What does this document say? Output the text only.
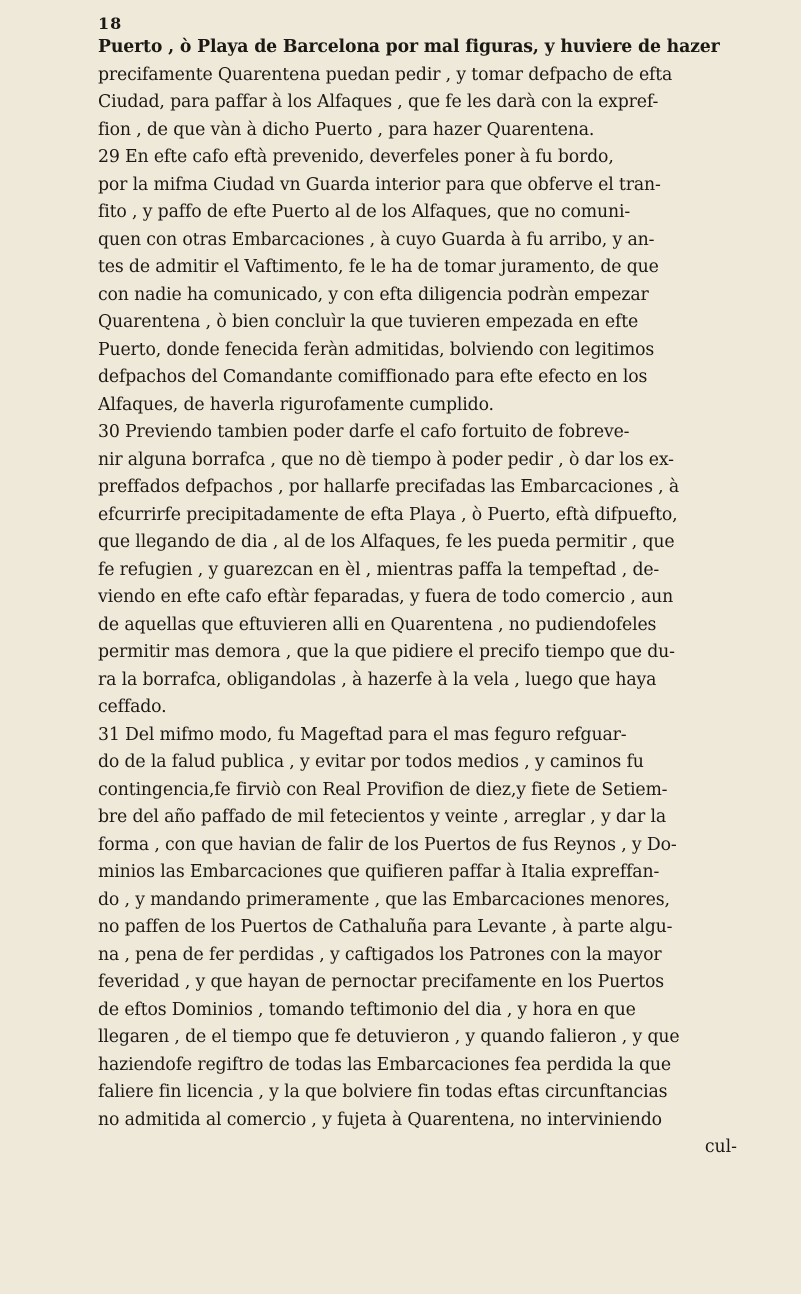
18
Puerto , ò Playa de Barcelona por mal figuras, y huviere de hazer
precifamente Quarentena puedan pedir , y tomar defpacho de efta
Ciudad, para paffar à los Alfaques , que fe les darà con la expref-
fion , de que vàn à dicho Puerto , para hazer Quarentena.
29 En efte cafo eftà prevenido, deverfeles poner à fu bordo,
por la mifma Ciudad vn Guarda interior para que obferve el tran-
fito , y paffo de efte Puerto al de los Alfaques, que no comuni-
quen con otras Embarcaciones , à cuyo Guarda à fu arribo, y an-
tes de admitir el Vaftimento, fe le ha de tomar juramento, de que
con nadie ha comunicado, y con efta diligencia podràn empezar
Quarentena , ò bien concluìr la que tuvieren empezada en efte
Puerto, donde fenecida feràn admitidas, bolviendo con legitimos
defpachos del Comandante comiffionado para efte efecto en los
Alfaques, de haverla rigurofamente cumplido.
30 Previendo tambien poder darfe el cafo fortuito de fobreve-
nir alguna borrafca , que no dè tiempo à poder pedir , ò dar los ex-
preffados defpachos , por hallarfe precifadas las Embarcaciones , à
efcurrirfe precipitadamente de efta Playa , ò Puerto, eftà difpuefto,
que llegando de dia , al de los Alfaques, fe les pueda permitir , que
fe refugien , y guarezcan en èl , mientras paffa la tempeftad , de-
viendo en efte cafo eftàr feparadas, y fuera de todo comercio , aun
de aquellas que eftuvieren alli en Quarentena , no pudiendofeles
permitir mas demora , que la que pidiere el precifo tiempo que du-
ra la borrafca, obligandolas , à hazerfe à la vela , luego que haya
ceffado.
31 Del mifmo modo, fu Mageftad para el mas feguro refguar-
do de la falud publica , y evitar por todos medios , y caminos fu
contingencia,fe firviò con Real Provifion de diez,y fiete de Setiem-
bre del año paffado de mil fetecientos y veinte , arreglar , y dar la
forma , con que havian de falir de los Puertos de fus Reynos , y Do-
minios las Embarcaciones que quifieren paffar à Italia expreffan-
do , y mandando primeramente , que las Embarcaciones menores,
no paffen de los Puertos de Cathaluña para Levante , à parte algu-
na , pena de fer perdidas , y caftigados los Patrones con la mayor
feveridad , y que hayan de pernoctar precifamente en los Puertos
de eftos Dominios , tomando teftimonio del dia , y hora en que
llegaren , de el tiempo que fe detuvieron , y quando falieron , y que
haziendofe regiftro de todas las Embarcaciones fea perdida la que
faliere fin licencia , y la que bolviere fin todas eftas circunftancias
no admitida al comercio , y fujeta à Quarentena, no interviniendo
cul-
